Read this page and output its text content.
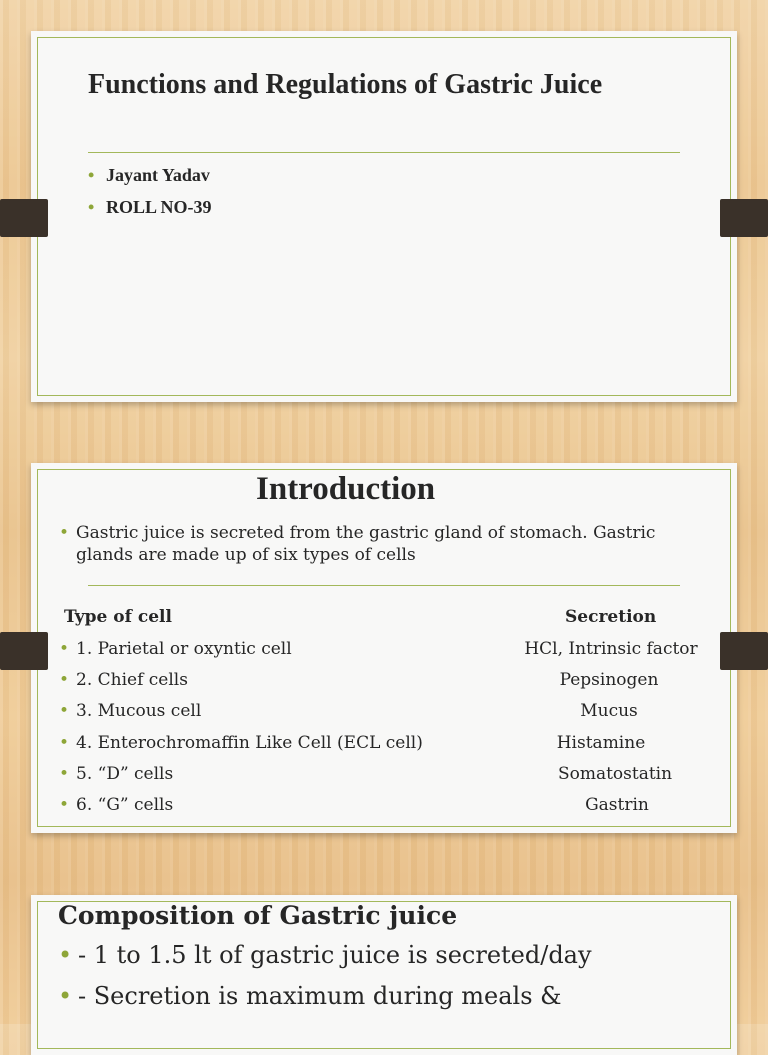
Functions and Regulations of Gastric Juice
• Jayant Yadav
• ROLL NO-39
Introduction
• Gastric juice is secreted from the gastric gland of stomach. Gastric glands are made up of six types of cells
Type of cell	Secretion
• 1. Parietal or oxyntic cell	HCl, Intrinsic factor
• 2. Chief cells	Pepsinogen
• 3. Mucous cell	Mucus
• 4. Enterochromaffin Like Cell (ECL cell)	Histamine
• 5. “D” cells	Somatostatin
• 6. “G” cells	Gastrin
Composition of Gastric juice
• - 1 to 1.5 lt of gastric juice is secreted/day
• - Secretion is maximum during meals &
